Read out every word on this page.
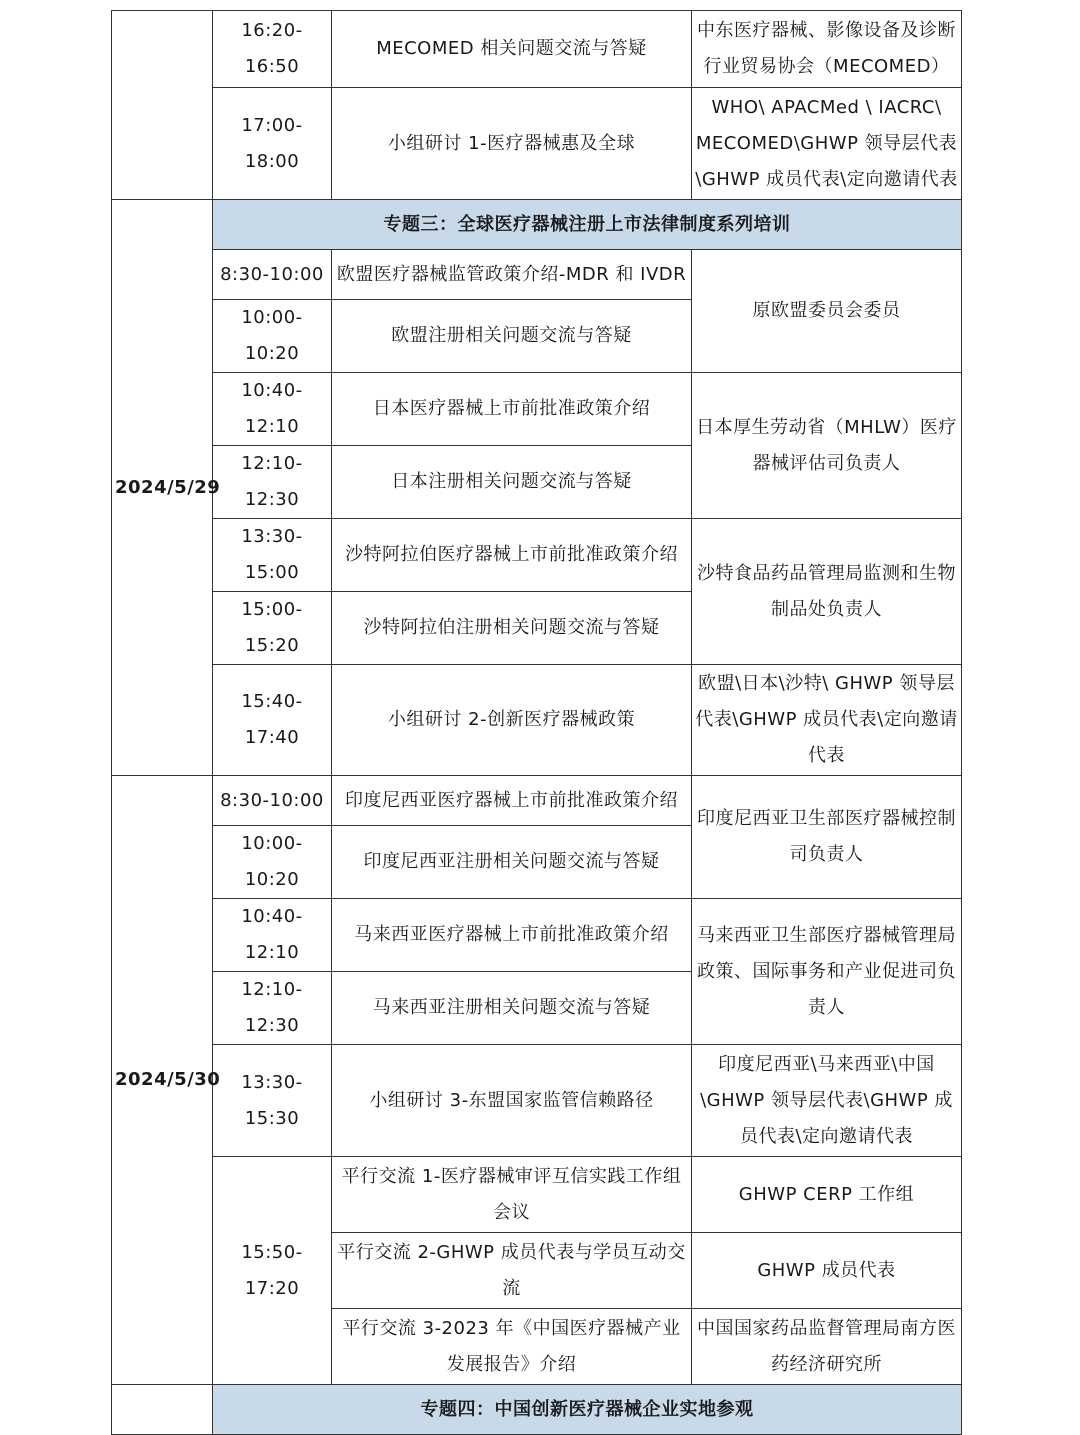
	16:20-16:50	MECOMED 相关问题交流与答疑	中东医疗器械、影像设备及诊断行业贸易协会（MECOMED）
	17:00-18:00	小组研讨 1-医疗器械惠及全球	WHO\ APACMed \ IACRC\ MECOMED\GHWP 领导层代表\GHWP 成员代表\定向邀请代表
2024/5/29	专题三：全球医疗器械注册上市法律制度系列培训		
	8:30-10:00	欧盟医疗器械监管政策介绍-MDR 和 IVDR	原欧盟委员会委员
	10:00-10:20	欧盟注册相关问题交流与答疑	
	10:40-12:10	日本医疗器械上市前批准政策介绍	日本厚生劳动省（MHLW）医疗器械评估司负责人
	12:10-12:30	日本注册相关问题交流与答疑	
	13:30-15:00	沙特阿拉伯医疗器械上市前批准政策介绍	沙特食品药品管理局监测和生物制品处负责人
	15:00-15:20	沙特阿拉伯注册相关问题交流与答疑	
	15:40-17:40	小组研讨 2-创新医疗器械政策	欧盟\日本\沙特\ GHWP 领导层代表\GHWP 成员代表\定向邀请代表
2024/5/30	8:30-10:00	印度尼西亚医疗器械上市前批准政策介绍	印度尼西亚卫生部医疗器械控制司负责人
	10:00-10:20	印度尼西亚注册相关问题交流与答疑	
	10:40-12:10	马来西亚医疗器械上市前批准政策介绍	马来西亚卫生部医疗器械管理局政策、国际事务和产业促进司负责人
	12:10-12:30	马来西亚注册相关问题交流与答疑	
	13:30-15:30	小组研讨 3-东盟国家监管信赖路径	印度尼西亚\马来西亚\中国\GHWP 领导层代表\GHWP 成员代表\定向邀请代表
	15:50-17:20	平行交流 1-医疗器械审评互信实践工作组会议	GHWP CERP 工作组
		平行交流 2-GHWP 成员代表与学员互动交流	GHWP 成员代表
		平行交流 3-2023 年《中国医疗器械产业发展报告》介绍	中国国家药品监督管理局南方医药经济研究所
	专题四：中国创新医疗器械企业实地参观		
